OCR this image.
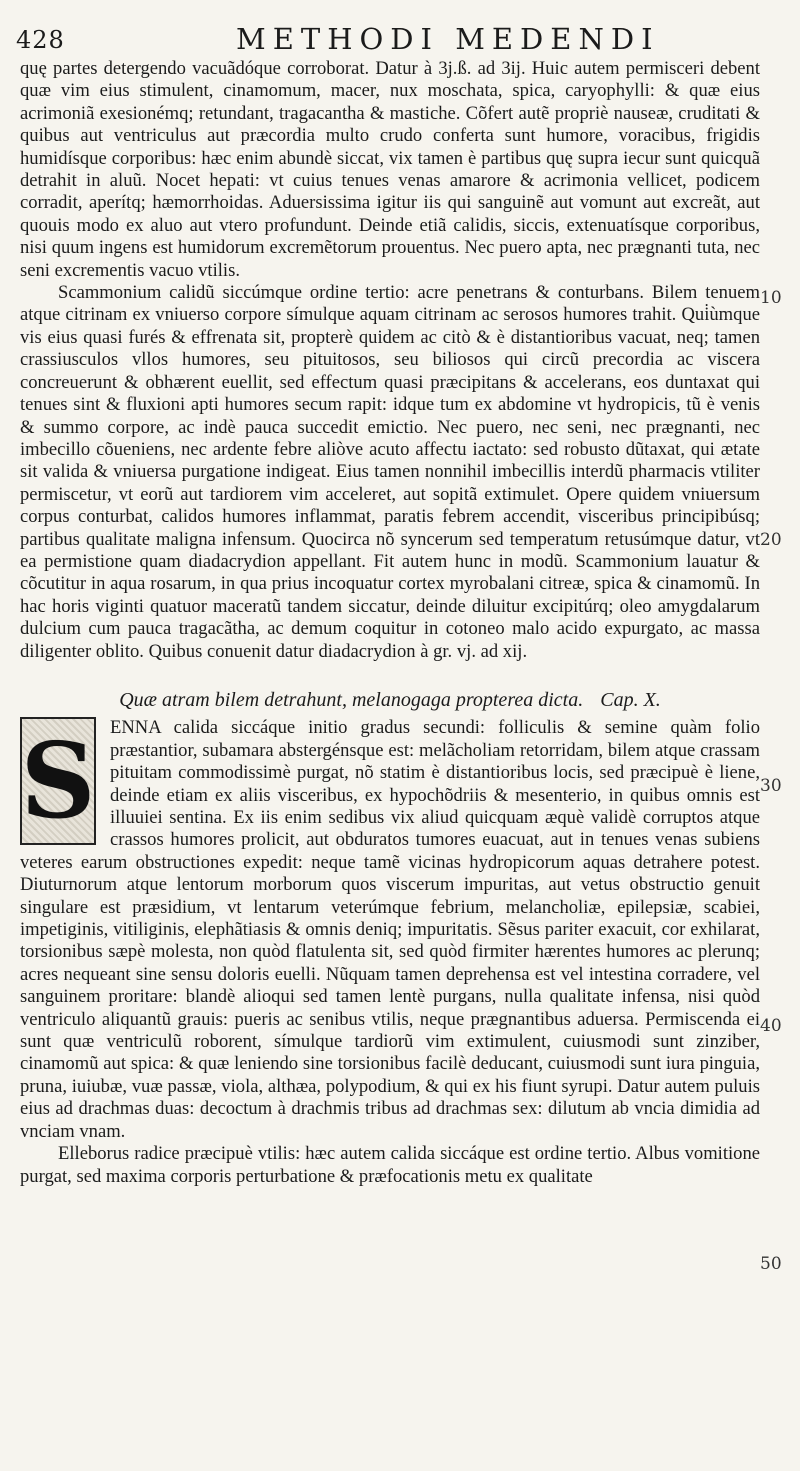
428	METHODI MEDENDI

quę partes detergendo vacuãdóque corroborat. Datur à 3j.ß. ad 3ij. Huic autem permisceri debent quæ vim eius stimulent, cinamomum, macer, nux moschata, spica, caryophylli: & quæ eius acrimoniã exesionémq; retundant, tragacantha & mastiche. Cõfert autẽ propriè nauseæ, cruditati & quibus aut ventriculus aut præcordia multo crudo conferta sunt humore, voracibus, frigidis humidísque corporibus: hæc enim abundè siccat, vix tamen è partibus quę supra iecur sunt quicquã detrahit in aluũ. Nocet hepati: vt cuius tenues venas amarore & acrimonia vellicet, podicem corradit, aperítq; hæmorrhoidas. Aduersissima igitur iis qui sanguinẽ aut vomunt aut excreãt, aut quouis modo ex aluo aut vtero profundunt. Deinde etiã calidis, siccis, extenuatísque corporibus, nisi quum ingens est humidorum excremẽtorum prouentus. Nec puero apta, nec prægnanti tuta, nec seni excrementis vacuo vtilis.

Scammonium calidũ siccúmque ordine tertio: acre penetrans & conturbans. Bilem tenuem atque citrinam ex vniuerso corpore símulque aquam citrinam ac serosos humores trahit. Qui̇ùmque vis eius quasi furés & effrenata sit, propterè quidem ac citò & è distantioribus vacuat, neq; tamen crassiusculos vllos humores, seu pituitosos, seu biliosos qui circũ precordia ac viscera concreuerunt & obhærent euellit, sed effectum quasi præcipitans & accelerans, eos duntaxat qui tenues sint & fluxioni apti humores secum rapit: idque tum ex abdomine vt hydropicis, tũ è venis & summo corpore, ac indè pauca succedit emictio. Nec puero, nec seni, nec prægnanti, nec imbecillo cõueniens, nec ardente febre aliòve acuto affectu iactato: sed robusto dũtaxat, qui ætate sit valida & vniuersa purgatione indigeat. Eius tamen nonnihil imbecillis interdũ pharmacis vtiliter permiscetur, vt eorũ aut tardiorem vim acceleret, aut sopitã extimulet. Opere quidem vniuersum corpus conturbat, calidos humores inflammat, paratis febrem accendit, visceribus principibúsq; partibus qualitate maligna infensum. Quocirca nõ syncerum sed temperatum retusúmque datur, vt ea permistione quam diadacrydion appellant. Fit autem hunc in modũ. Scammonium lauatur & cõcutitur in aqua rosarum, in qua prius incoquatur cortex myrobalani citreæ, spica & cinamomũ. In hac horis viginti quatuor maceratũ tandem siccatur, deinde diluitur excipitúrq; oleo amygdalarum dulcium cum pauca tragacãtha, ac demum coquitur in cotoneo malo acido expurgato, ac massa diligenter oblito. Quibus conuenit datur diadacrydion à gr. vj. ad xij.

Quæ atram bilem detrahunt, melanogaga propterea dicta. Cap. X.
S ENNA calida siccáque initio gradus secundi: folliculis & semine quàm folio præstantior, subamara abstergénsque est: melãcholiam retorridam, bilem atque crassam pituitam commodissimè purgat, nõ statim è distantioribus locis, sed præcipuè è liene, deinde etiam ex aliis visceribus, ex hypochõdriis & mesenterio, in quibus omnis est illuuiei sentina. Ex iis enim sedibus vix aliud quicquam æquè validè corruptos atque crassos humores prolicit, aut obduratos tumores euacuat, aut in tenues venas subiens veteres earum obstructiones expedit: neque tamẽ vicinas hydropicorum aquas detrahere potest. Diuturnorum atque lentorum morborum quos viscerum impuritas, aut vetus obstructio genuit singulare est præsidium, vt lentarum veterúmque febrium, melancholiæ, epilepsiæ, scabiei, impetiginis, vitiliginis, elephãtiasis & omnis deniq; impuritatis. Sẽsus pariter exacuit, cor exhilarat, torsionibus sæpè molesta, non quòd flatulenta sit, sed quòd firmiter hærentes humores ac plerunq; acres nequeant sine sensu doloris euelli. Nũquam tamen deprehensa est vel intestina corradere, vel sanguinem proritare: blandè alioqui sed tamen lentè purgans, nulla qualitate infensa, nisi quòd ventriculo aliquantũ grauis: pueris ac senibus vtilis, neque prægnantibus aduersa. Permiscenda ei sunt quæ ventriculũ roborent, símulque tardiorũ vim extimulent, cuiusmodi sunt zinziber, cinamomũ aut spica: & quæ leniendo sine torsionibus facilè deducant, cuiusmodi sunt iura pinguia, pruna, iuiubæ, vuæ passæ, viola, althæa, polypodium, & qui ex his fiunt syrupi. Datur autem puluis eius ad drachmas duas: decoctum à drachmis tribus ad drachmas sex: dilutum ab vncia dimidia ad vnciam vnam.

Elleborus radice præcipuè vtilis: hæc autem calida siccáque est ordine tertio. Albus vomitione purgat, sed maxima corporis perturbatione & præfocationis metu ex qualitate

10
20
30
40
50
